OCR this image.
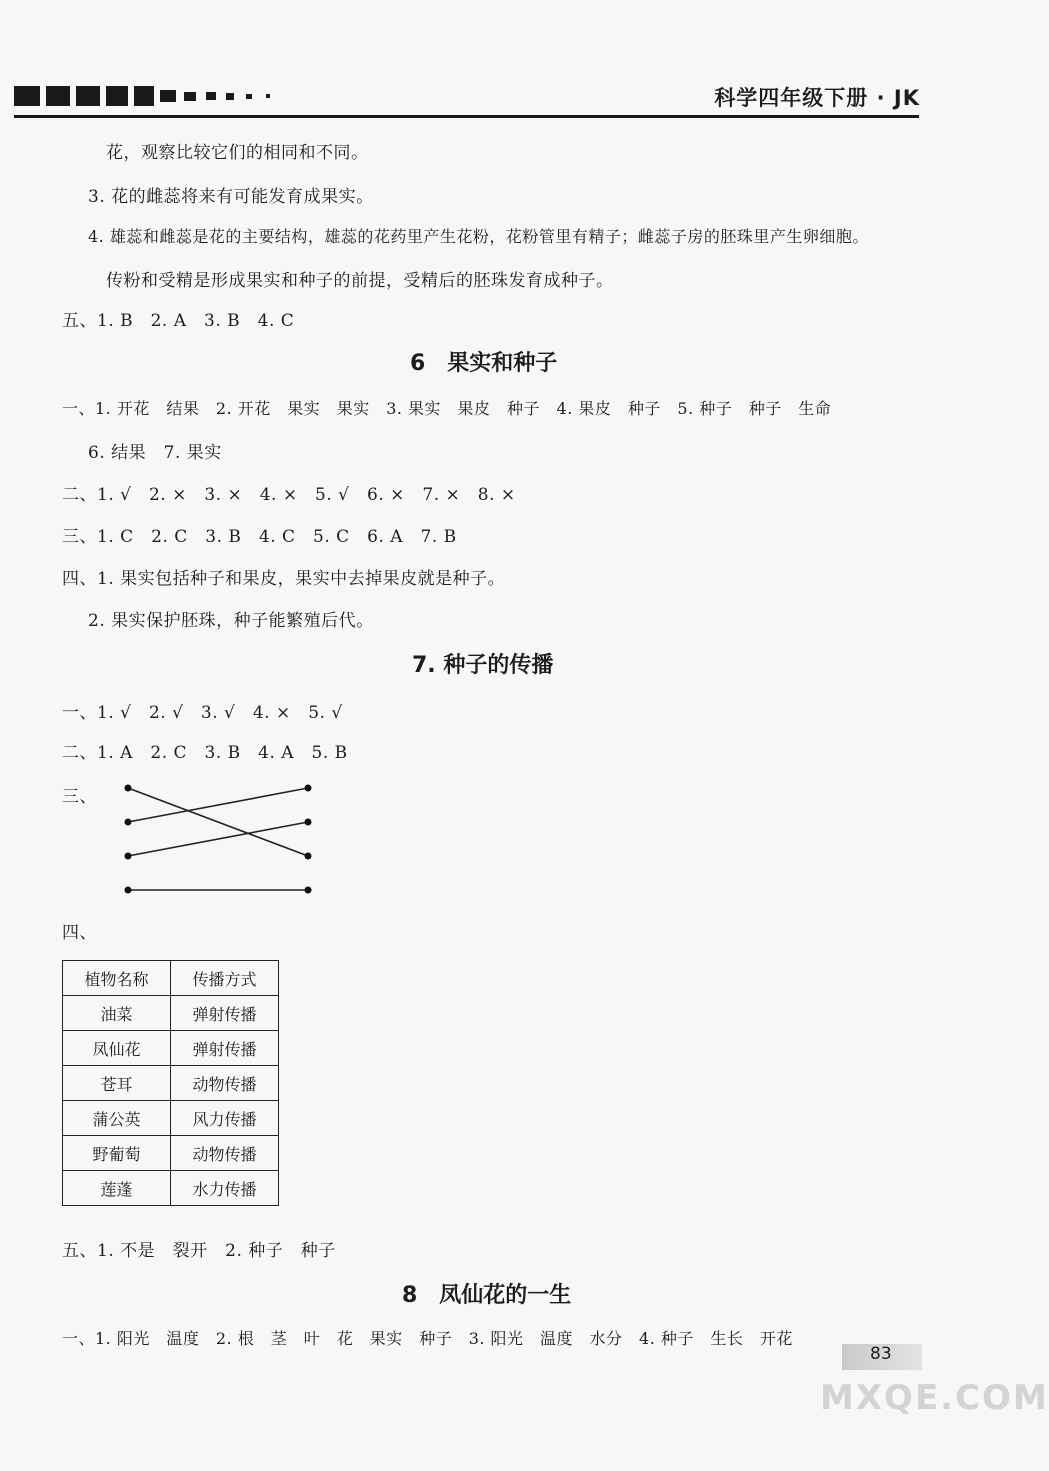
科学四年级下册 · JK
花，观察比较它们的相同和不同。
3. 花的雌蕊将来有可能发育成果实。
4. 雄蕊和雌蕊是花的主要结构，雄蕊的花药里产生花粉，花粉管里有精子；雌蕊子房的胚珠里产生卵细胞。
传粉和受精是形成果实和种子的前提，受精后的胚珠发育成种子。
五、1. B　2. A　3. B　4. C
6　果实和种子
一、1. 开花　结果　2. 开花　果实　果实　3. 果实　果皮　种子　4. 果皮　种子　5. 种子　种子　生命
6. 结果　7. 果实
二、1. √　2. ×　3. ×　4. ×　5. √　6. ×　7. ×　8. ×
三、1. C　2. C　3. B　4. C　5. C　6. A　7. B
四、1. 果实包括种子和果皮，果实中去掉果皮就是种子。
2. 果实保护胚珠，种子能繁殖后代。
7. 种子的传播
一、1. √　2. √　3. √　4. ×　5. √
二、1. A　2. C　3. B　4. A　5. B
三、
四、
植物名称	传播方式
油菜	弹射传播
凤仙花	弹射传播
苍耳	动物传播
蒲公英	风力传播
野葡萄	动物传播
莲蓬	水力传播
五、1. 不是　裂开　2. 种子　种子
8　凤仙花的一生
一、1. 阳光　温度　2. 根　茎　叶　花　果实　种子　3. 阳光　温度　水分　4. 种子　生长　开花
83
MXQE.COM
